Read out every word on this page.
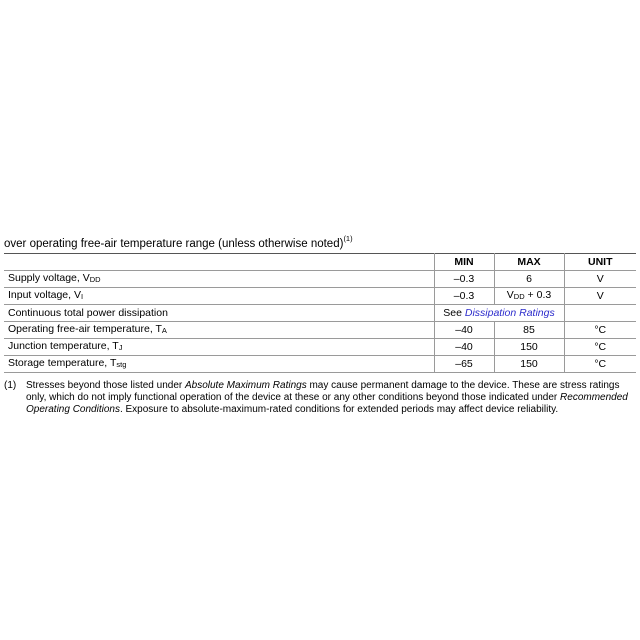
over operating free-air temperature range (unless otherwise noted)$^{(1)}$
	MIN	MAX	UNIT
Supply voltage, $V_{DD}$	–0.3	6	V
Input voltage, $V_I$	–0.3	$V_{DD} + 0.3$	V
Continuous total power dissipation	See Dissipation Ratings		
Operating free-air temperature, $T_A$	–40	85	°C
Junction temperature, $T_J$	–40	150	°C
Storage temperature, $T_{stg}$	–65	150	°C
(1) Stresses beyond those listed under Absolute Maximum Ratings may cause permanent damage to the device. These are stress ratings only, which do not imply functional operation of the device at these or any other conditions beyond those indicated under Recommended Operating Conditions. Exposure to absolute-maximum-rated conditions for extended periods may affect device reliability.
